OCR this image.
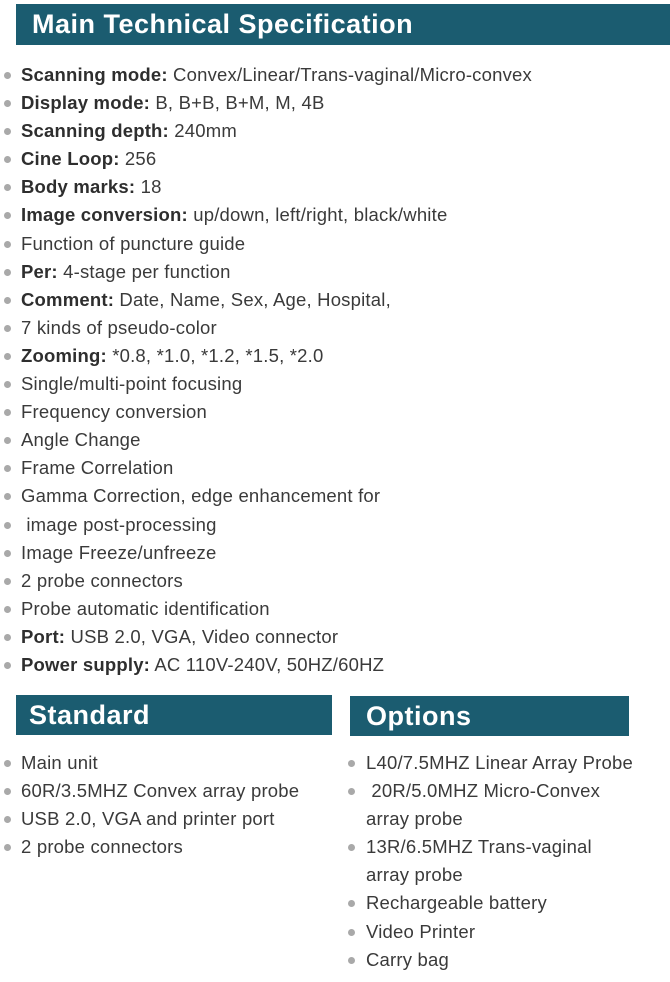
Main Technical Specification
Scanning mode: Convex/Linear/Trans-vaginal/Micro-convex
Display mode: B, B+B, B+M, M, 4B
Scanning depth: 240mm
Cine Loop: 256
Body marks: 18
Image conversion: up/down, left/right, black/white
Function of puncture guide
Per: 4-stage per function
Comment: Date, Name, Sex, Age, Hospital,
7 kinds of pseudo-color
Zooming: *0.8, *1.0, *1.2, *1.5, *2.0
Single/multi-point focusing
Frequency conversion
Angle Change
Frame Correlation
Gamma Correction, edge enhancement for
image post-processing
Image Freeze/unfreeze
2 probe connectors
Probe automatic identification
Port: USB 2.0, VGA, Video connector
Power supply: AC 110V-240V, 50HZ/60HZ
Standard
Main unit
60R/3.5MHZ Convex array probe
USB 2.0, VGA and printer port
2 probe connectors
Options
L40/7.5MHZ Linear Array Probe
20R/5.0MHZ Micro-Convex
array probe
13R/6.5MHZ Trans-vaginal
array probe
Rechargeable battery
Video Printer
Carry bag
